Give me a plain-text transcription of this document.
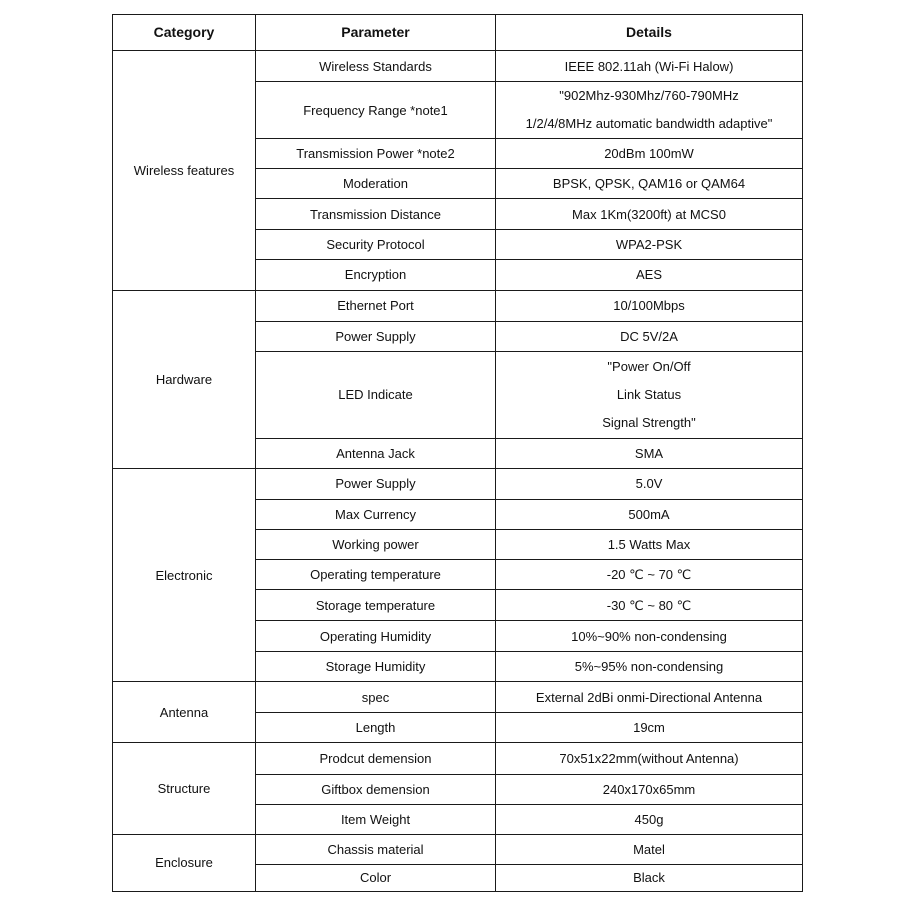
Category	Parameter	Details
Wireless features	Wireless Standards	IEEE 802.11ah (Wi-Fi Halow)
	Frequency Range *note1	"902Mhz-930Mhz/760-790MHz
1/2/4/8MHz automatic bandwidth adaptive"

	Transmission Power *note2	20dBm 100mW
	Moderation	BPSK, QPSK, QAM16 or QAM64
	Transmission Distance	Max 1Km(3200ft) at MCS0
	Security Protocol	WPA2-PSK
	Encryption	AES
Hardware	Ethernet Port	10/100Mbps
	Power Supply	DC 5V/2A
	LED Indicate	"Power On/Off
Link Status
Signal Strength"

	Antenna Jack	SMA
Electronic	Power Supply	5.0V
	Max Currency	500mA
	Working power	1.5 Watts Max
	Operating temperature	-20 ℃ ~ 70 ℃
	Storage temperature	-30 ℃ ~ 80 ℃
	Operating Humidity	10%~90% non-condensing
	Storage Humidity	5%~95% non-condensing
Antenna	spec	External 2dBi onmi-Directional Antenna
	Length	19cm
Structure	Prodcut demension	70x51x22mm(without Antenna)
	Giftbox demension	240x170x65mm
	Item Weight	450g
Enclosure	Chassis material	Matel
	Color	Black
